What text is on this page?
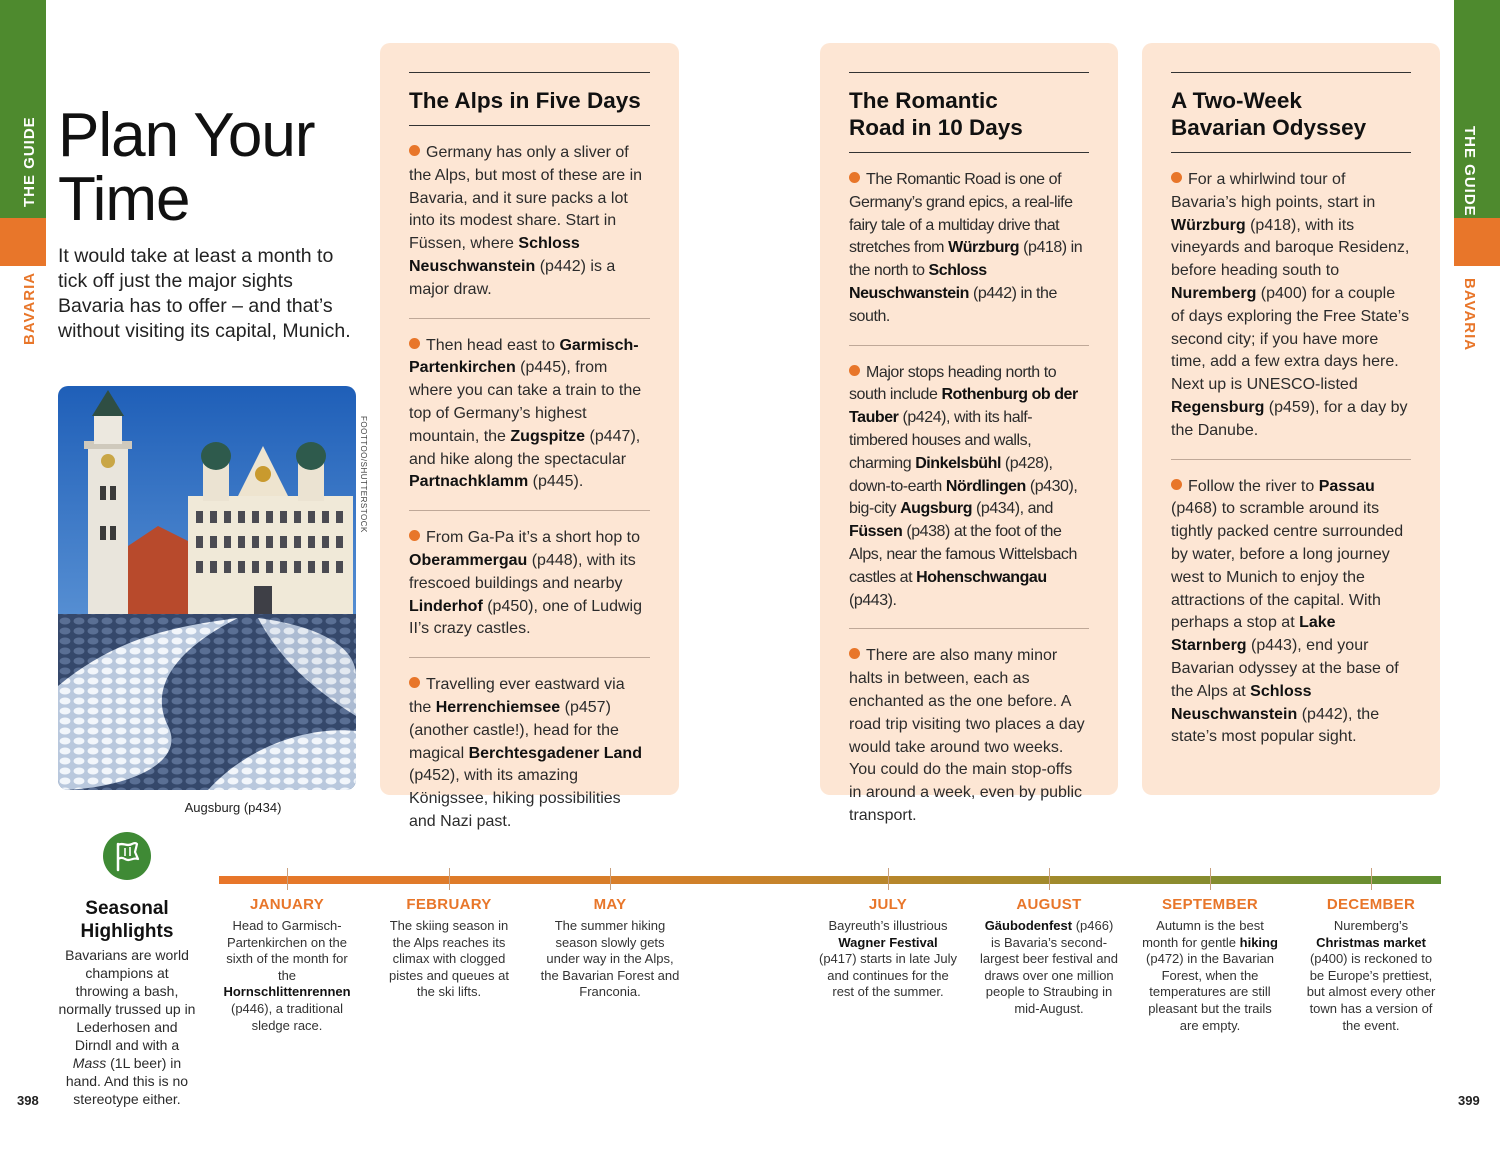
THE GUIDE
BAVARIA
THE GUIDE
BAVARIA
Plan Your
Time

It would take at least a month to tick off just the major sights Bavaria has to offer – and that’s without visiting its capital, Munich.

FOOTTOO/SHUTTERSTOCK
Augsburg (p434)
The Alps in Five Days

Germany has only a sliver of the Alps, but most of these are in Bavaria, and it sure packs a lot into its modest share. Start in Füssen, where Schloss Neuschwanstein (p442) is a major draw.

Then head east to Garmisch-Partenkirchen (p445), from where you can take a train to the top of Germany’s highest mountain, the Zugspitze (p447), and hike along the spectacular Partnachklamm (p445).

From Ga-Pa it’s a short hop to Oberammergau (p448), with its frescoed buildings and nearby Linderhof (p450), one of Ludwig II’s crazy castles.

Travelling ever eastward via the Herrenchiemsee (p457) (another castle!), head for the magical Berchtesgadener Land (p452), with its amazing Königssee, hiking possibilities and Nazi past.

The Romantic
Road in 10 Days

The Romantic Road is one of Germany’s grand epics, a real-life fairy tale of a multiday drive that stretches from Würzburg (p418) in the north to Schloss Neuschwanstein (p442) in the south.

Major stops heading north to south include Rothenburg ob der Tauber (p424), with its half-timbered houses and walls, charming Dinkelsbühl (p428), down-to-earth Nördlingen (p430), big-city Augsburg (p434), and Füssen (p438) at the foot of the Alps, near the famous Wittelsbach castles at Hohenschwangau (p443).

There are also many minor halts in between, each as enchanted as the one before. A road trip visiting two places a day would take around two weeks. You could do the main stop-offs in around a week, even by public transport.

A Two-Week
Bavarian Odyssey

For a whirlwind tour of Bavaria’s high points, start in Würzburg (p418), with its vineyards and baroque Residenz, before heading south to Nuremberg (p400) for a couple of days exploring the Free State’s second city; if you have more time, add a few extra days here. Next up is UNESCO-listed Regensburg (p459), for a day by the Danube.

Follow the river to Passau (p468) to scramble around its tightly packed centre surrounded by water, before a long journey west to Munich to enjoy the attractions of the capital. With perhaps a stop at Lake Starnberg (p443), end your Bavarian odyssey at the base of the Alps at Schloss Neuschwanstein (p442), the state’s most popular sight.

Seasonal
Highlights

Bavarians are world champions at throwing a bash, normally trussed up in Lederhosen and Dirndl and with a Mass (1L beer) in hand. And this is no stereotype either.

JANUARY
Head to Garmisch-Partenkirchen on the sixth of the month for the Hornschlittenrennen (p446), a traditional sledge race.
FEBRUARY
The skiing season in the Alps reaches its climax with clogged pistes and queues at the ski lifts.
MAY
The summer hiking season slowly gets under way in the Alps, the Bavarian Forest and Franconia.
JULY
Bayreuth’s illustrious Wagner Festival (p417) starts in late July and continues for the rest of the summer.
AUGUST
Gäubodenfest (p466) is Bavaria’s second-largest beer festival and draws over one million people to Straubing in mid-August.
SEPTEMBER
Autumn is the best month for gentle hiking (p472) in the Bavarian Forest, when the temperatures are still pleasant but the trails are empty.
DECEMBER
Nuremberg’s Christmas market (p400) is reckoned to be Europe’s prettiest, but almost every other town has a version of the event.
398	399
